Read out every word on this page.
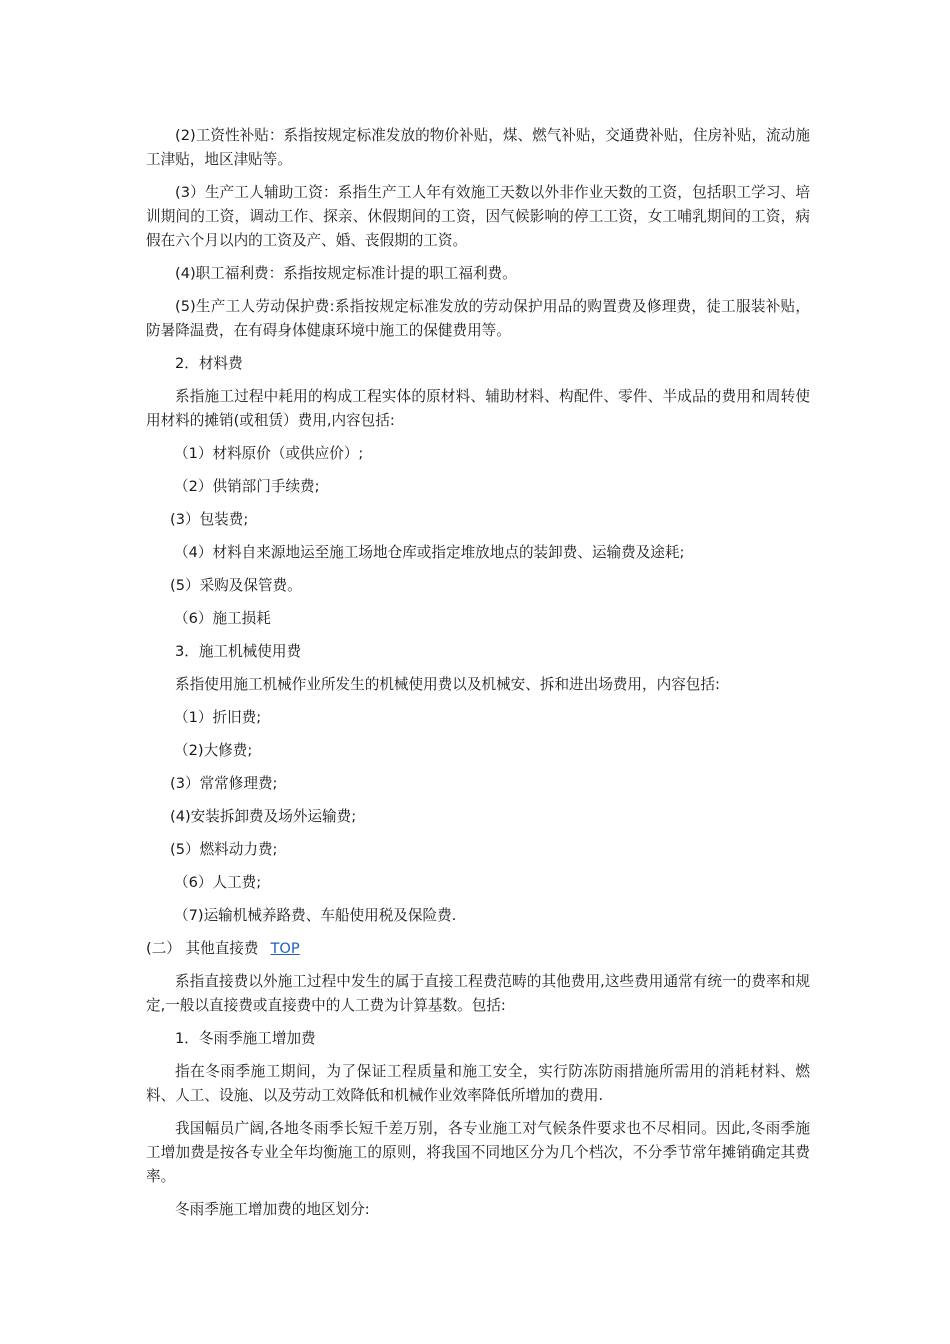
(2)工资性补贴：系指按规定标准发放的物价补贴，煤、燃气补贴，交通费补贴，住房补贴，流动施工津贴，地区津贴等。

(3）生产工人辅助工资：系指生产工人年有效施工天数以外非作业天数的工资，包括职工学习、培训期间的工资，调动工作、探亲、休假期间的工资，因气候影响的停工工资，女工哺乳期间的工资，病假在六个月以内的工资及产、婚、丧假期的工资。

(4)职工福利费：系指按规定标准计提的职工福利费。

(5)生产工人劳动保护费:系指按规定标准发放的劳动保护用品的购置费及修理费，徒工服装补贴，防暑降温费，在有碍身体健康环境中施工的保健费用等。

2．材料费

系指施工过程中耗用的构成工程实体的原材料、辅助材料、构配件、零件、半成品的费用和周转使用材料的摊销(或租赁）费用,内容包括:

（1）材料原价（或供应价）;

（2）供销部门手续费;

(3）包装费;

（4）材料自来源地运至施工场地仓库或指定堆放地点的装卸费、运输费及途耗;

(5）采购及保管费。

（6）施工损耗

3．施工机械使用费

系指使用施工机械作业所发生的机械使用费以及机械安、拆和进出场费用，内容包括:

（1）折旧费;

（2)大修费;

(3）常常修理费;

(4)安装拆卸费及场外运输费;

(5）燃料动力费;

（6）人工费;

（7)运输机械养路费、车船使用税及保险费.

(二） 其他直接费 TOP

系指直接费以外施工过程中发生的属于直接工程费范畴的其他费用,这些费用通常有统一的费率和规定,一般以直接费或直接费中的人工费为计算基数。包括:

1．冬雨季施工增加费

指在冬雨季施工期间，为了保证工程质量和施工安全，实行防冻防雨措施所需用的消耗材料、燃料、人工、设施、以及劳动工效降低和机械作业效率降低所增加的费用.

我国幅员广阔,各地冬雨季长短千差万别，各专业施工对气候条件要求也不尽相同。因此,冬雨季施工增加费是按各专业全年均衡施工的原则，将我国不同地区分为几个档次，不分季节常年摊销确定其费率。

冬雨季施工增加费的地区划分:
